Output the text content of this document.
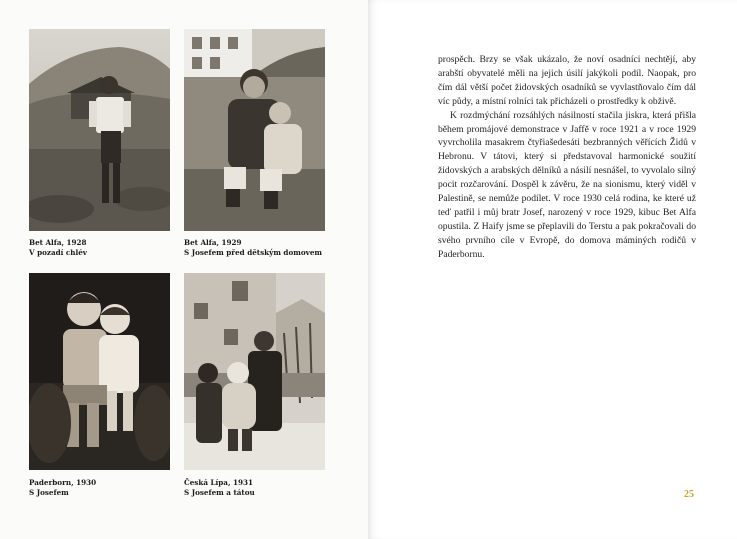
Bet Alfa, 1928
V pozadí chlév
Bet Alfa, 1929
S Josefem před dětským domovem
Paderborn, 1930
S Josefem
Česká Lípa, 1931
S Josefem a tátou

prospěch. Brzy se však ukázalo, že noví osadníci nechtějí, aby arabští obyvatelé měli na jejich úsilí jakýkoli podíl. Naopak, pro čím dál větší počet židovských osadníků se vyvlastňovalo čím dál víc půdy, a místní rolníci tak přicházeli o prostředky k obživě.

K rozdmýchání rozsáhlých násilností stačila jiskra, která přišla během promájové demonstrace v Jaffě v roce 1921 a v roce 1929 vyvrcholila masakrem čtyřiašedesáti bezbranných věřících Židů v Hebronu. V tátovi, který si představoval harmonické soužití židovských a arabských dělníků a násilí nesnášel, to vyvolalo silný pocit rozčarování. Dospěl k závěru, že na sionismu, který viděl v Palestině, se nemůže podílet. V roce 1930 celá rodina, ke které už teď patřil i můj bratr Josef, narozený v roce 1929, kibuc Bet Alfa opustila. Z Haify jsme se přeplavili do Terstu a pak pokračovali do svého prvního cíle v Evropě, do domova máminých rodičů v Paderbornu.

25
